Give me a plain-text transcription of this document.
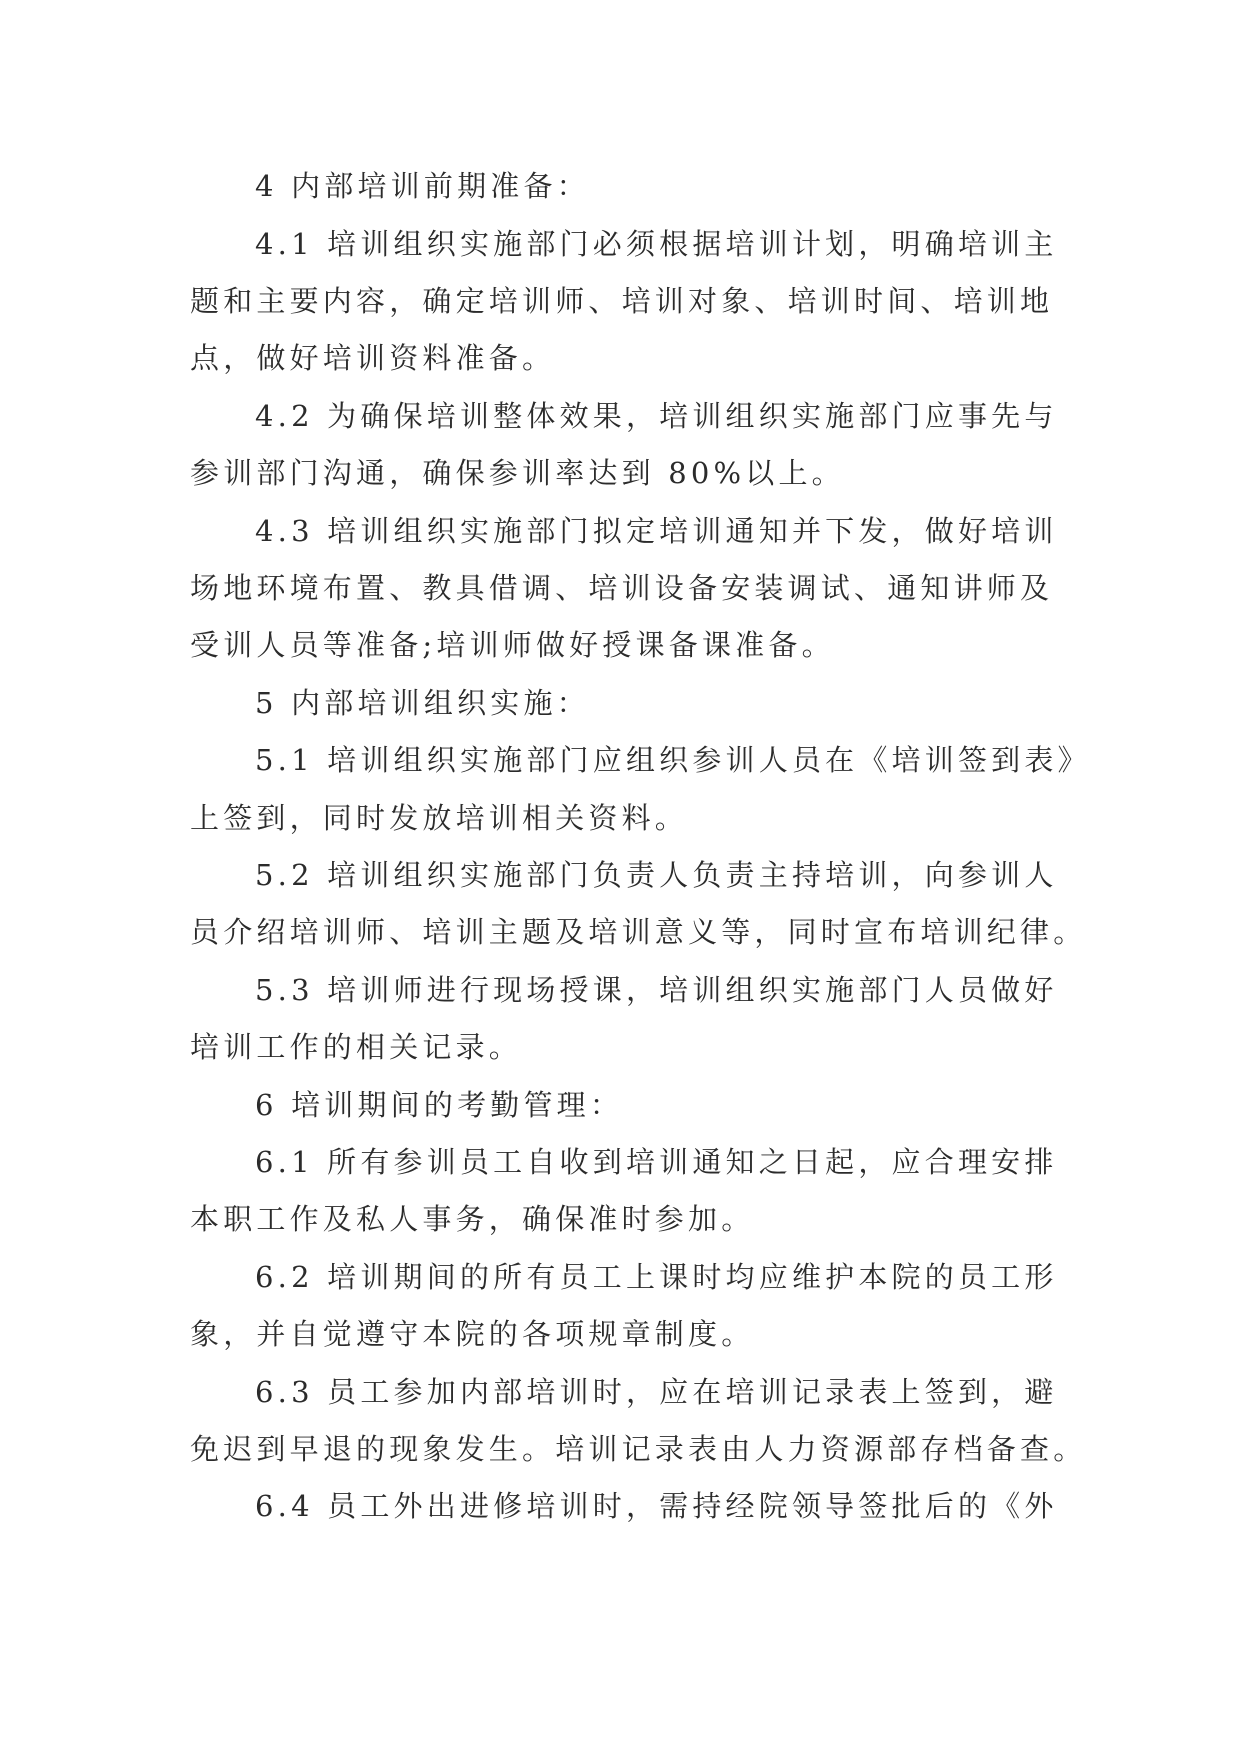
4 内部培训前期准备：
4.1 培训组织实施部门必须根据培训计划，明确培训主
题和主要内容，确定培训师、培训对象、培训时间、培训地
点，做好培训资料准备。
4.2 为确保培训整体效果，培训组织实施部门应事先与
参训部门沟通，确保参训率达到 80%以上。
4.3 培训组织实施部门拟定培训通知并下发，做好培训
场地环境布置、教具借调、培训设备安装调试、通知讲师及
受训人员等准备;培训师做好授课备课准备。
5 内部培训组织实施：
5.1 培训组织实施部门应组织参训人员在《培训签到表》
上签到，同时发放培训相关资料。
5.2 培训组织实施部门负责人负责主持培训，向参训人
员介绍培训师、培训主题及培训意义等，同时宣布培训纪律。
5.3 培训师进行现场授课，培训组织实施部门人员做好
培训工作的相关记录。
6 培训期间的考勤管理：
6.1 所有参训员工自收到培训通知之日起，应合理安排
本职工作及私人事务，确保准时参加。
6.2 培训期间的所有员工上课时均应维护本院的员工形
象，并自觉遵守本院的各项规章制度。
6.3 员工参加内部培训时，应在培训记录表上签到，避
免迟到早退的现象发生。培训记录表由人力资源部存档备查。
6.4 员工外出进修培训时，需持经院领导签批后的《外
